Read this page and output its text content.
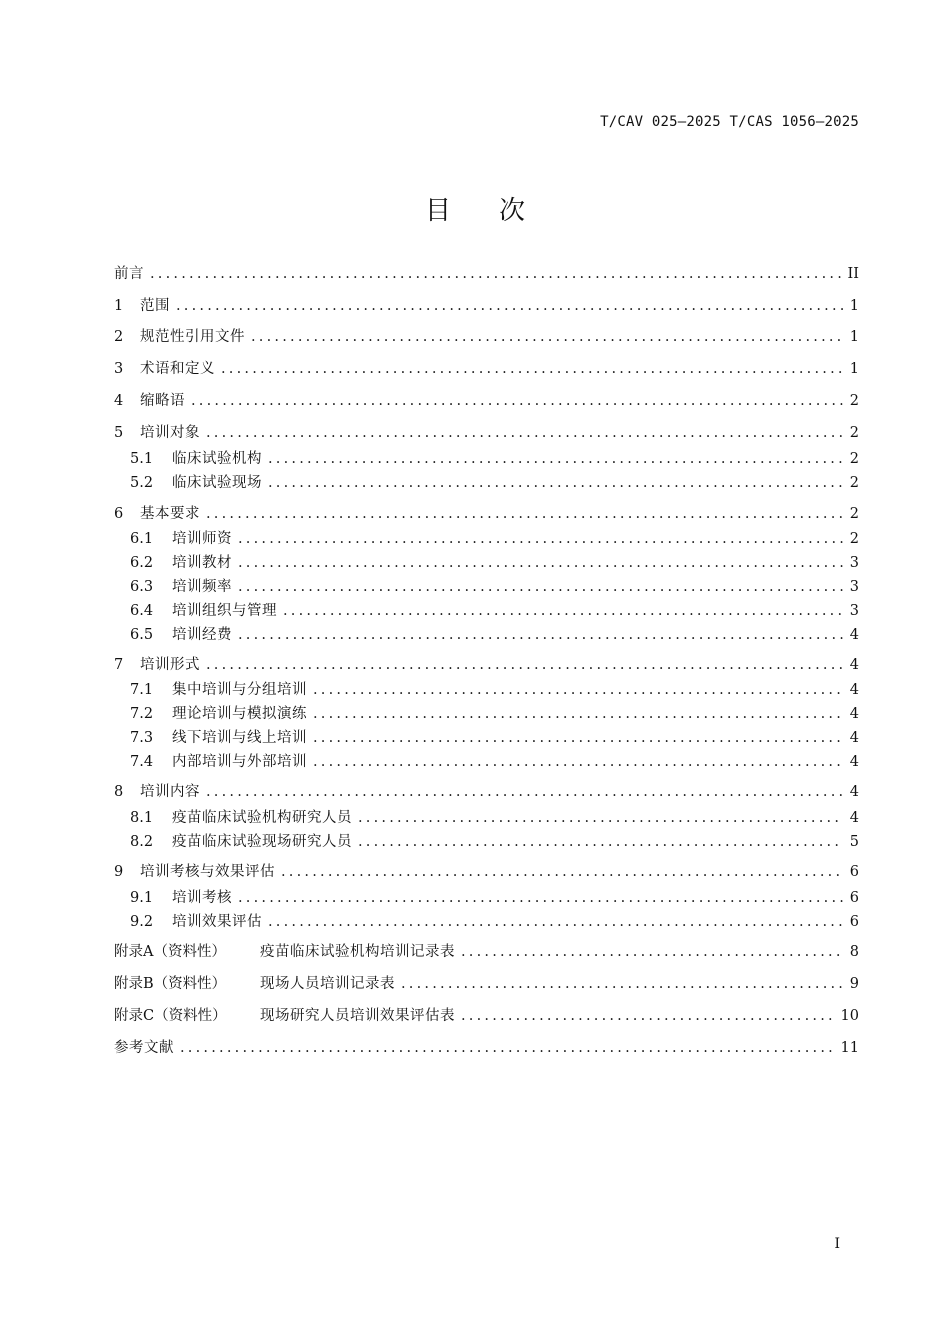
T/CAV 025—2025 T/CAS 1056—2025
目次
前言 .....	II
1	范围 .....	1
2	规范性引用文件 .....	1
3	术语和定义 .....	1
4	缩略语 .....	2
5	培训对象 .....	2
5.1	临床试验机构 .....	2
5.2	临床试验现场 .....	2
6	基本要求 .....	2
6.1	培训师资 .....	2
6.2	培训教材 .....	3
6.3	培训频率 .....	3
6.4	培训组织与管理 .....	3
6.5	培训经费 .....	4
7	培训形式 .....	4
7.1	集中培训与分组培训 .....	4
7.2	理论培训与模拟演练 .....	4
7.3	线下培训与线上培训 .....	4
7.4	内部培训与外部培训 .....	4
8	培训内容 .....	4
8.1	疫苗临床试验机构研究人员 .....	4
8.2	疫苗临床试验现场研究人员 .....	5
9	培训考核与效果评估 .....	6
9.1	培训考核 .....	6
9.2	培训效果评估 .....	6
附录A（资料性）	疫苗临床试验机构培训记录表 .....	8
附录B（资料性）	现场人员培训记录表 .....	9
附录C（资料性）	现场研究人员培训效果评估表 .....	10
参考文献 .....	11
I
